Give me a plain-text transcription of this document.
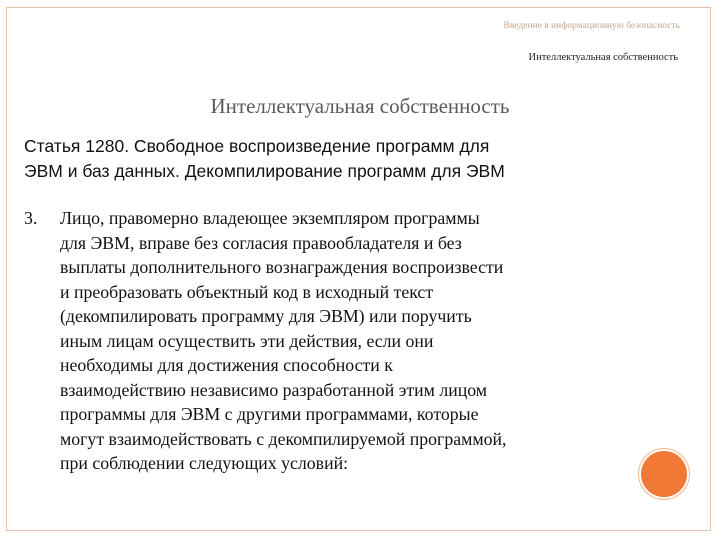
Введение в информационную безопасность
Интеллектуальная собственность
Интеллектуальная собственность
Статья 1280. Свободное воспроизведение программ для
ЭВМ и баз данных. Декомпилирование программ для ЭВМ
3.	Лицо, правомерно владеющее экземпляром программы
для ЭВМ, вправе без согласия правообладателя и без
выплаты дополнительного вознаграждения воспроизвести
и преобразовать объектный код в исходный текст
(декомпилировать программу для ЭВМ) или поручить
иным лицам осуществить эти действия, если они
необходимы для достижения способности к
взаимодействию независимо разработанной этим лицом
программы для ЭВМ с другими программами, которые
могут взаимодействовать с декомпилируемой программой,
при соблюдении следующих условий:
